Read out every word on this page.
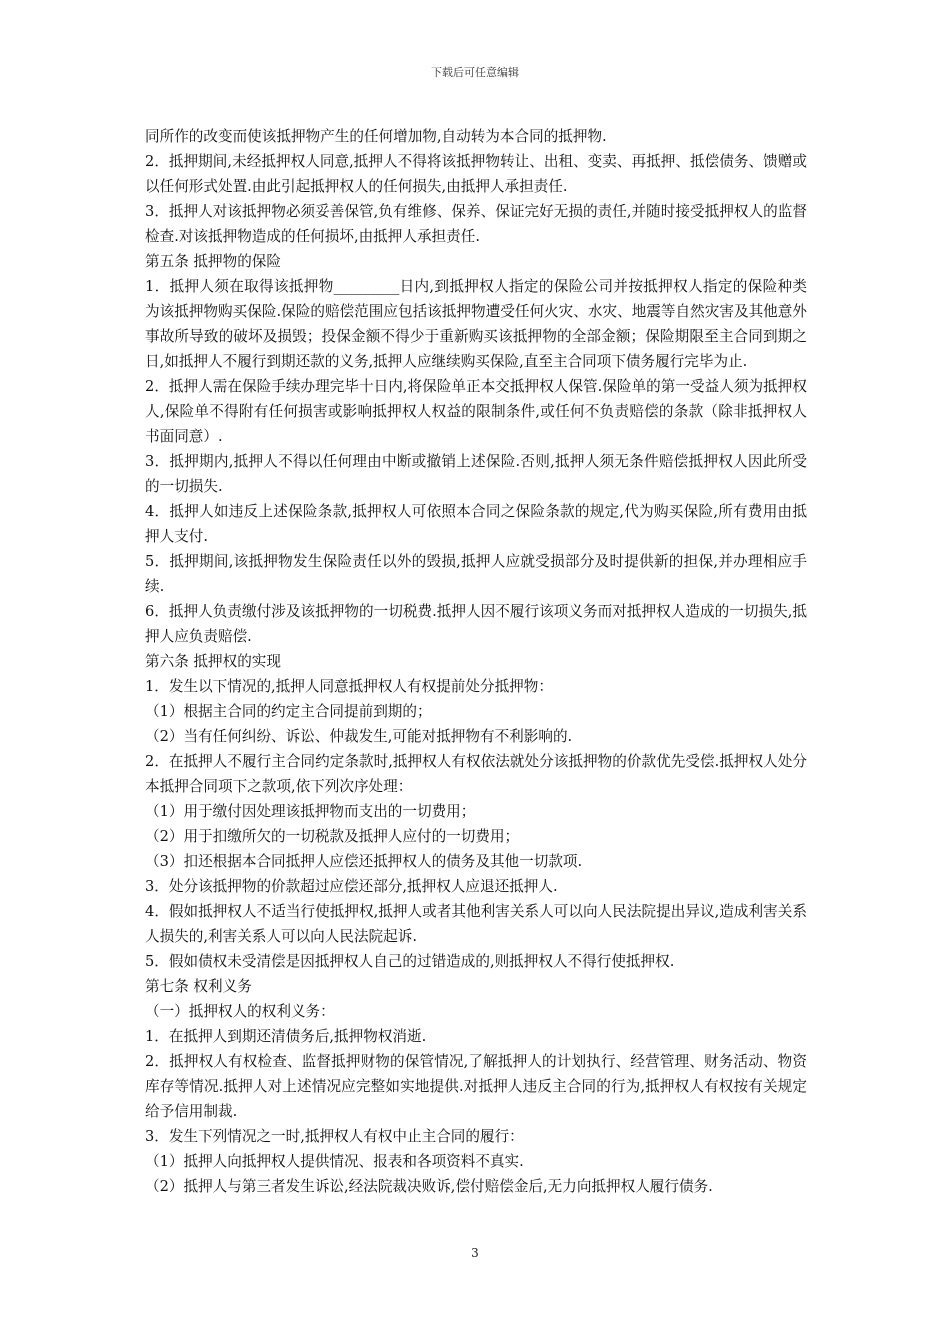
下载后可任意编辑

同所作的改变而使该抵押物产生的任何增加物,自动转为本合同的抵押物.

2．抵押期间,未经抵押权人同意,抵押人不得将该抵押物转让、出租、变卖、再抵押、抵偿债务、馈赠或以任何形式处置.由此引起抵押权人的任何损失,由抵押人承担责任.

3．抵押人对该抵押物必须妥善保管,负有维修、保养、保证完好无损的责任,并随时接受抵押权人的监督检查.对该抵押物造成的任何损坏,由抵押人承担责任.

第五条 抵押物的保险

1．抵押人须在取得该抵押物_________日内,到抵押权人指定的保险公司并按抵押权人指定的保险种类为该抵押物购买保险.保险的赔偿范围应包括该抵押物遭受任何火灾、水灾、地震等自然灾害及其他意外事故所导致的破坏及损毁；投保金额不得少于重新购买该抵押物的全部金额；保险期限至主合同到期之日,如抵押人不履行到期还款的义务,抵押人应继续购买保险,直至主合同项下债务履行完毕为止.

2．抵押人需在保险手续办理完毕十日内,将保险单正本交抵押权人保管.保险单的第一受益人须为抵押权人,保险单不得附有任何损害或影响抵押权人权益的限制条件,或任何不负责赔偿的条款（除非抵押权人书面同意）.

3．抵押期内,抵押人不得以任何理由中断或撤销上述保险.否则,抵押人须无条件赔偿抵押权人因此所受的一切损失.

4．抵押人如违反上述保险条款,抵押权人可依照本合同之保险条款的规定,代为购买保险,所有费用由抵押人支付.

5．抵押期间,该抵押物发生保险责任以外的毁损,抵押人应就受损部分及时提供新的担保,并办理相应手续.

6．抵押人负责缴付涉及该抵押物的一切税费.抵押人因不履行该项义务而对抵押权人造成的一切损失,抵押人应负责赔偿.

第六条 抵押权的实现

1．发生以下情况的,抵押人同意抵押权人有权提前处分抵押物：

（1）根据主合同的约定主合同提前到期的；

（2）当有任何纠纷、诉讼、仲裁发生,可能对抵押物有不利影响的.

2．在抵押人不履行主合同约定条款时,抵押权人有权依法就处分该抵押物的价款优先受偿.抵押权人处分本抵押合同项下之款项,依下列次序处理：

（1）用于缴付因处理该抵押物而支出的一切费用；

（2）用于扣缴所欠的一切税款及抵押人应付的一切费用；

（3）扣还根据本合同抵押人应偿还抵押权人的债务及其他一切款项.

3．处分该抵押物的价款超过应偿还部分,抵押权人应退还抵押人.

4．假如抵押权人不适当行使抵押权,抵押人或者其他利害关系人可以向人民法院提出异议,造成利害关系人损失的,利害关系人可以向人民法院起诉.

5．假如债权未受清偿是因抵押权人自己的过错造成的,则抵押权人不得行使抵押权.

第七条 权利义务

（一）抵押权人的权利义务：

1．在抵押人到期还清债务后,抵押物权消逝.

2．抵押权人有权检查、监督抵押财物的保管情况,了解抵押人的计划执行、经营管理、财务活动、物资库存等情况.抵押人对上述情况应完整如实地提供.对抵押人违反主合同的行为,抵押权人有权按有关规定给予信用制裁.

3．发生下列情况之一时,抵押权人有权中止主合同的履行：

（1）抵押人向抵押权人提供情况、报表和各项资料不真实.

（2）抵押人与第三者发生诉讼,经法院裁决败诉,偿付赔偿金后,无力向抵押权人履行债务.

3
